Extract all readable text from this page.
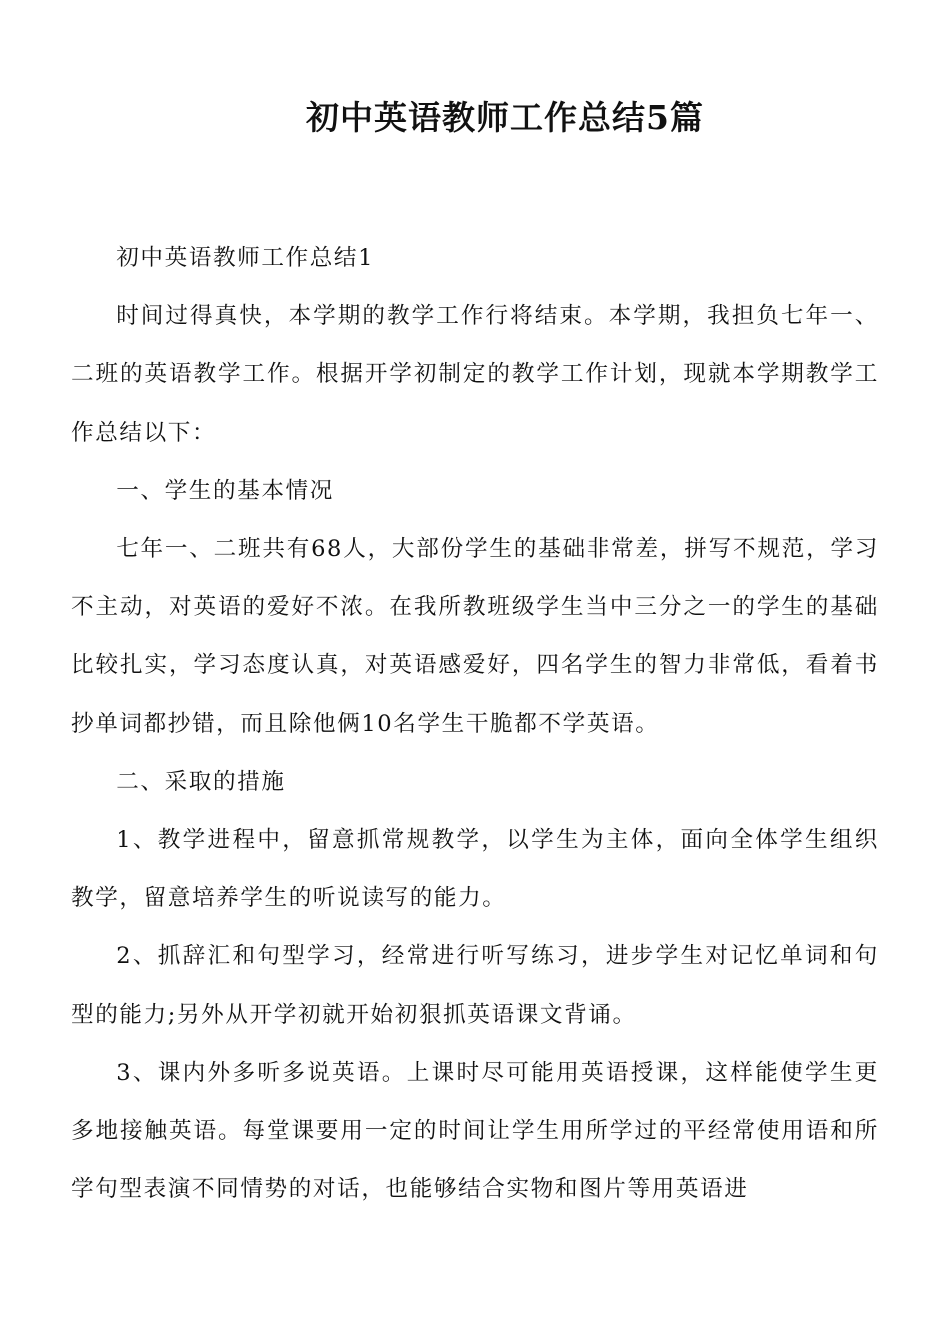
初中英语教师工作总结5篇

初中英语教师工作总结1

时间过得真快，本学期的教学工作行将结束。本学期，我担负七年一、二班的英语教学工作。根据开学初制定的教学工作计划，现就本学期教学工作总结以下：

一、学生的基本情况

七年一、二班共有68人，大部份学生的基础非常差，拼写不规范，学习不主动，对英语的爱好不浓。在我所教班级学生当中三分之一的学生的基础比较扎实，学习态度认真，对英语感爱好，四名学生的智力非常低，看着书抄单词都抄错，而且除他俩10名学生干脆都不学英语。

二、采取的措施

1、教学进程中，留意抓常规教学，以学生为主体，面向全体学生组织教学，留意培养学生的听说读写的能力。

2、抓辞汇和句型学习，经常进行听写练习，进步学生对记忆单词和句型的能力;另外从开学初就开始初狠抓英语课文背诵。

3、课内外多听多说英语。上课时尽可能用英语授课，这样能使学生更多地接触英语。每堂课要用一定的时间让学生用所学过的平经常使用语和所学句型表演不同情势的对话，也能够结合实物和图片等用英语进
